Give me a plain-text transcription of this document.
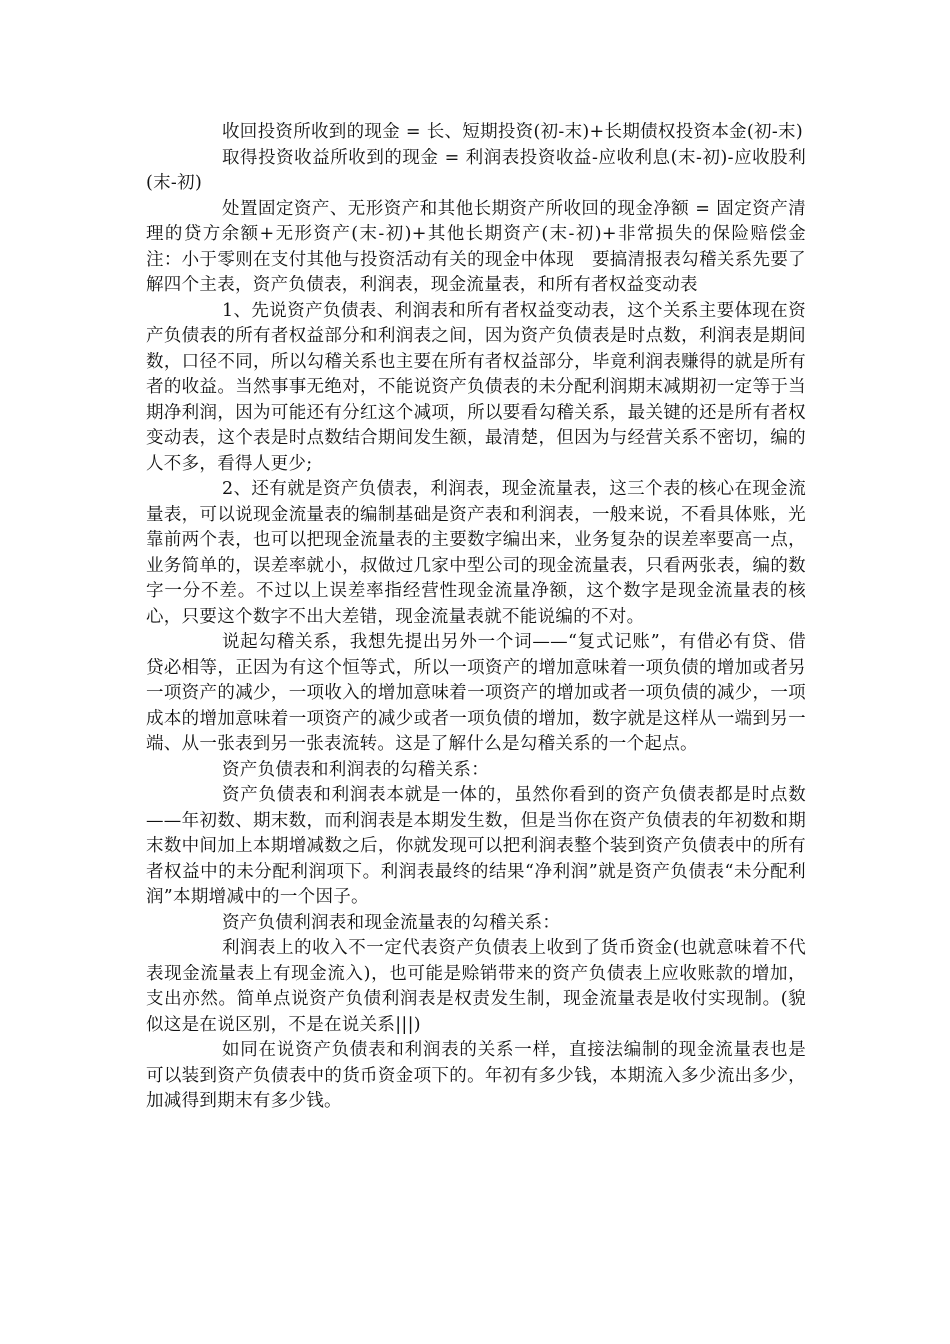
收回投资所收到的现金 = 长、短期投资(初-末)+长期债权投资本金(初-末)

取得投资收益所收到的现金 = 利润表投资收益-应收利息(末-初)-应收股利(末-初)

处置固定资产、无形资产和其他长期资产所收回的现金净额 = 固定资产清理的贷方余额+无形资产(末-初)+其他长期资产(末-初)+非常损失的保险赔偿金 注：小于零则在支付其他与投资活动有关的现金中体现　要搞清报表勾稽关系先要了解四个主表，资产负债表，利润表，现金流量表，和所有者权益变动表

1、先说资产负债表、利润表和所有者权益变动表，这个关系主要体现在资产负债表的所有者权益部分和利润表之间，因为资产负债表是时点数，利润表是期间数，口径不同，所以勾稽关系也主要在所有者权益部分，毕竟利润表赚得的就是所有者的收益。当然事事无绝对，不能说资产负债表的未分配利润期末减期初一定等于当期净利润，因为可能还有分红这个减项，所以要看勾稽关系，最关键的还是所有者权变动表，这个表是时点数结合期间发生额，最清楚，但因为与经营关系不密切，编的人不多，看得人更少;

2、还有就是资产负债表，利润表，现金流量表，这三个表的核心在现金流量表，可以说现金流量表的编制基础是资产表和利润表，一般来说，不看具体账，光靠前两个表，也可以把现金流量表的主要数字编出来，业务复杂的误差率要高一点，业务简单的，误差率就小，叔做过几家中型公司的现金流量表，只看两张表，编的数字一分不差。不过以上误差率指经营性现金流量净额，这个数字是现金流量表的核心，只要这个数字不出大差错，现金流量表就不能说编的不对。

说起勾稽关系，我想先提出另外一个词——“复式记账”，有借必有贷、借贷必相等，正因为有这个恒等式，所以一项资产的增加意味着一项负债的增加或者另一项资产的减少，一项收入的增加意味着一项资产的增加或者一项负债的减少，一项成本的增加意味着一项资产的减少或者一项负债的增加，数字就是这样从一端到另一端、从一张表到另一张表流转。这是了解什么是勾稽关系的一个起点。

资产负债表和利润表的勾稽关系：

资产负债表和利润表本就是一体的，虽然你看到的资产负债表都是时点数——年初数、期末数，而利润表是本期发生数，但是当你在资产负债表的年初数和期末数中间加上本期增减数之后，你就发现可以把利润表整个装到资产负债表中的所有者权益中的未分配利润项下。利润表最终的结果“净利润”就是资产负债表“未分配利润”本期增减中的一个因子。

资产负债利润表和现金流量表的勾稽关系：

利润表上的收入不一定代表资产负债表上收到了货币资金(也就意味着不代表现金流量表上有现金流入)，也可能是赊销带来的资产负债表上应收账款的增加，支出亦然。简单点说资产负债利润表是权责发生制，现金流量表是收付实现制。(貌似这是在说区别，不是在说关系|||)

如同在说资产负债表和利润表的关系一样，直接法编制的现金流量表也是可以装到资产负债表中的货币资金项下的。年初有多少钱，本期流入多少流出多少，加减得到期末有多少钱。
